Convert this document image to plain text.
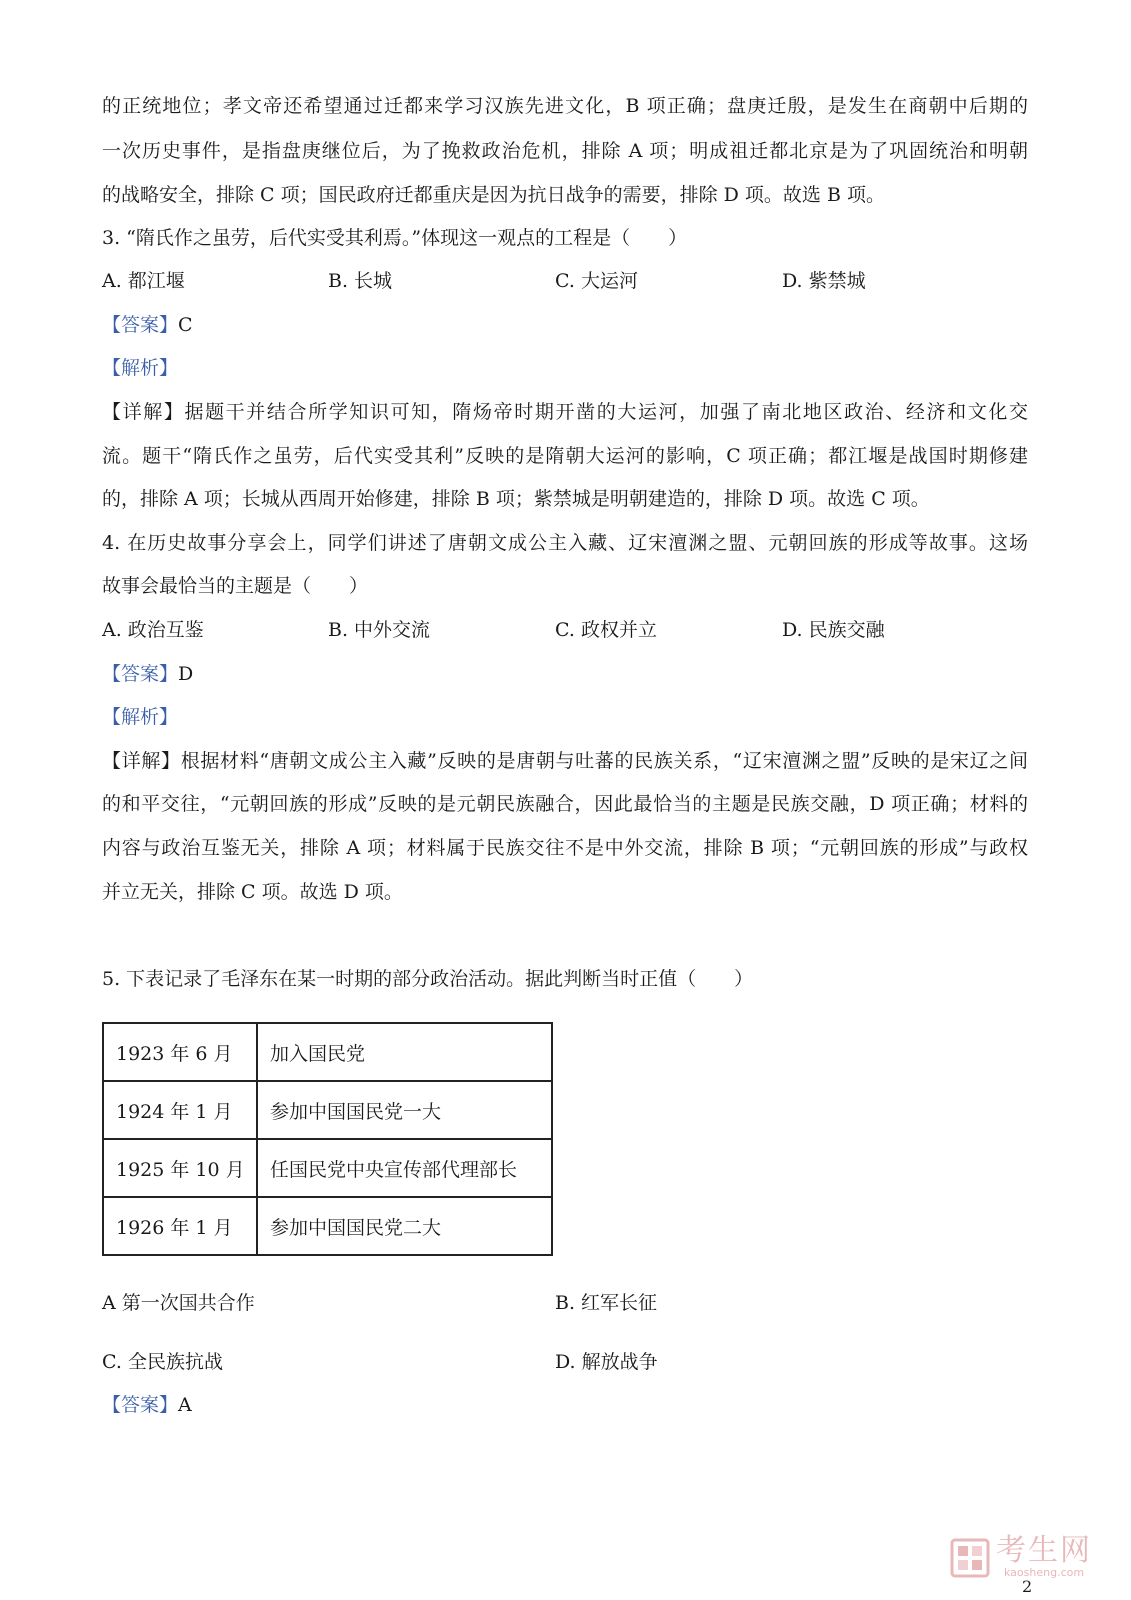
的正统地位；孝文帝还希望通过迁都来学习汉族先进文化，B 项正确；盘庚迁殷，是发生在商朝中后期的
一次历史事件，是指盘庚继位后，为了挽救政治危机，排除 A 项；明成祖迁都北京是为了巩固统治和明朝
的战略安全，排除 C 项；国民政府迁都重庆是因为抗日战争的需要，排除 D 项。故选 B 项。
3. “隋氏作之虽劳，后代实受其利焉。”体现这一观点的工程是（　　）
A. 都江堰	B. 长城	C. 大运河	D. 紫禁城
【答案】C
【解析】
【详解】据题干并结合所学知识可知，隋炀帝时期开凿的大运河，加强了南北地区政治、经济和文化交
流。题干“隋氏作之虽劳，后代实受其利”反映的是隋朝大运河的影响，C 项正确；都江堰是战国时期修建
的，排除 A 项；长城从西周开始修建，排除 B 项；紫禁城是明朝建造的，排除 D 项。故选 C 项。
4. 在历史故事分享会上，同学们讲述了唐朝文成公主入藏、辽宋澶渊之盟、元朝回族的形成等故事。这场
故事会最恰当的主题是（　　）
A. 政治互鉴	B. 中外交流	C. 政权并立	D. 民族交融
【答案】D
【解析】
【详解】根据材料“唐朝文成公主入藏”反映的是唐朝与吐蕃的民族关系，“辽宋澶渊之盟”反映的是宋辽之间
的和平交往，“元朝回族的形成”反映的是元朝民族融合，因此最恰当的主题是民族交融，D 项正确；材料的
内容与政治互鉴无关，排除 A 项；材料属于民族交往不是中外交流，排除 B 项；“元朝回族的形成”与政权
并立无关，排除 C 项。故选 D 项。
5. 下表记录了毛泽东在某一时期的部分政治活动。据此判断当时正值（　　）
1923 年 6 月	加入国民党
1924 年 1 月	参加中国国民党一大
1925 年 10 月	任国民党中央宣传部代理部长
1926 年 1 月	参加中国国民党二大
A 第一次国共合作	B. 红军长征
C. 全民族抗战	D. 解放战争
【答案】A
考生网
kaosheng.com
2
